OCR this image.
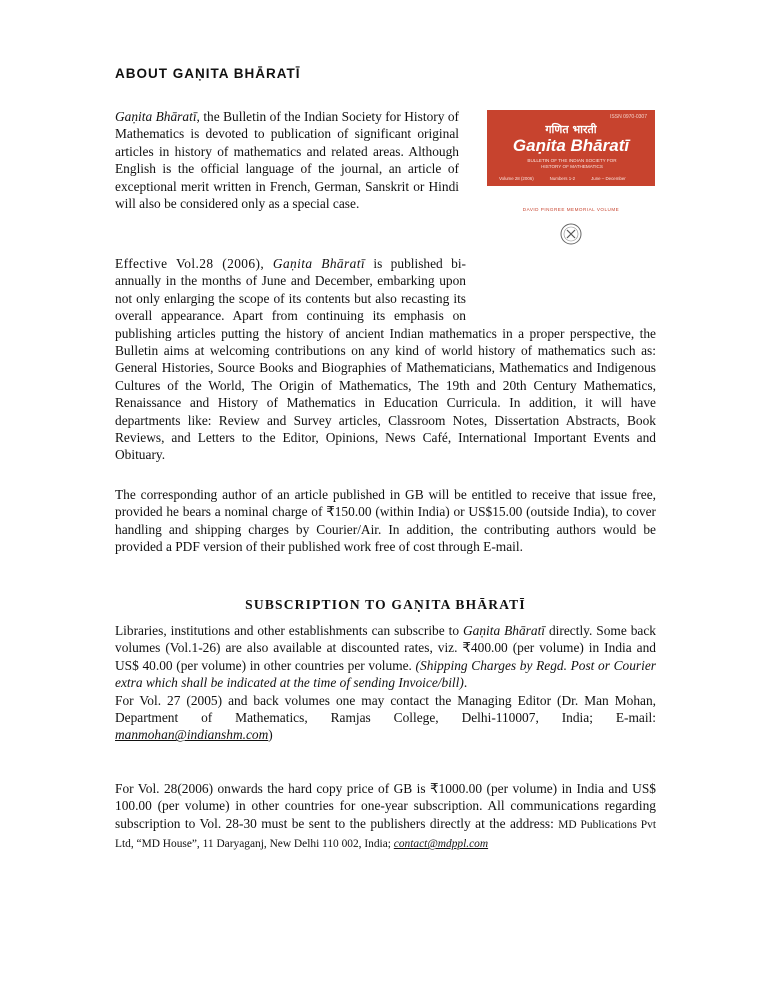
ABOUT GAṆITA BHĀRATĪ

Gaṇita Bhāratī, the Bulletin of the Indian Society for History of Mathematics is devoted to publication of significant original articles in history of mathematics and related areas. Although English is the official language of the journal, an article of exceptional merit written in French, German, Sanskrit or Hindi will also be considered only as a special case.

Effective Vol.28 (2006), Gaṇita Bhāratī is published bi-annually in the months of June and December, embarking upon not only enlarging the scope of its contents but also recasting its overall appearance. Apart from continuing its emphasis on publishing articles putting the history of ancient Indian mathematics in a proper perspective, the Bulletin aims at welcoming contributions on any kind of world history of mathematics such as: General Histories, Source Books and Biographies of Mathematicians, Mathematics and Indigenous Cultures of the World, The Origin of Mathematics, The 19th and 20th Century Mathematics, Renaissance and History of Mathematics in Education Curricula. In addition, it will have departments like: Review and Survey articles, Classroom Notes, Dissertation Abstracts, Book Reviews, and Letters to the Editor, Opinions, News Café, International Important Events and Obituary.

The corresponding author of an article published in GB will be entitled to receive that issue free, provided he bears a nominal charge of ₹150.00 (within India) or US$15.00 (outside India), to cover handling and shipping charges by Courier/Air. In addition, the contributing authors would be provided a PDF version of their published work free of cost through E-mail.

SUBSCRIPTION TO GAṆITA BHĀRATĪ

Libraries, institutions and other establishments can subscribe to Gaṇita Bhāratī directly. Some back volumes (Vol.1-26) are also available at discounted rates, viz. ₹400.00 (per volume) in India and US$ 40.00 (per volume) in other countries per volume. (Shipping Charges by Regd. Post or Courier extra which shall be indicated at the time of sending Invoice/bill).
For Vol. 27 (2005) and back volumes one may contact the Managing Editor (Dr. Man Mohan, Department of Mathematics, Ramjas College, Delhi-110007, India; E-mail: manmohan@indianshm.com)

For Vol. 28(2006) onwards the hard copy price of GB is ₹1000.00 (per volume) in India and US$ 100.00 (per volume) in other countries for one-year subscription. All communications regarding subscription to Vol. 28-30 must be sent to the publishers directly at the address: MD Publications Pvt Ltd, “MD House”, 11 Daryaganj, New Delhi 110 002, India; contact@mdppl.com

ISSN 0970-0307
गणित भारती
Gaṇita Bhāratī
BULLETIN OF THE INDIAN SOCIETY FOR HISTORY OF MATHEMATICS
Volume 28 (2006)	Numbers 1-2	June – December
DAVID PINGREE MEMORIAL VOLUME
